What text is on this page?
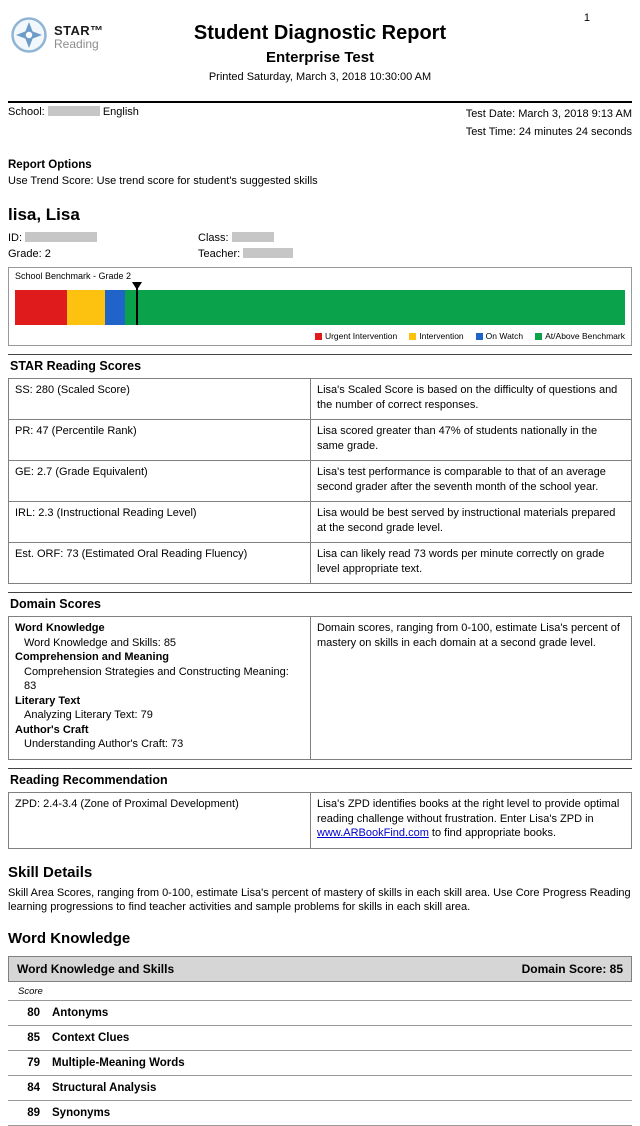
STAR™
Reading
1
Student Diagnostic Report
Enterprise Test
Printed Saturday, March 3, 2018 10:30:00 AM
School:	English	Test Date: March 3, 2018 9:13 AM
Test Time: 24 minutes 24 seconds
Report Options
Use Trend Score: Use trend score for student's suggested skills
lisa, Lisa
ID:	Class:
Grade: 2	Teacher:
School Benchmark - Grade 2
Urgent Intervention	Intervention	On Watch	At/Above Benchmark
STAR Reading Scores
SS: 280 (Scaled Score)	Lisa's Scaled Score is based on the difficulty of questions and the number of correct responses.
PR: 47 (Percentile Rank)	Lisa scored greater than 47% of students nationally in the same grade.
GE: 2.7 (Grade Equivalent)	Lisa's test performance is comparable to that of an average second grader after the seventh month of the school year.
IRL: 2.3 (Instructional Reading Level)	Lisa would be best served by instructional materials prepared at the second grade level.
Est. ORF: 73 (Estimated Oral Reading Fluency)	Lisa can likely read 73 words per minute correctly on grade level appropriate text.
Domain Scores
Word Knowledge
Word Knowledge and Skills: 85
Comprehension and Meaning
Comprehension Strategies and Constructing Meaning: 83
Literary Text
Analyzing Literary Text: 79
Author's Craft
Understanding Author's Craft: 73
	Domain scores, ranging from 0-100, estimate Lisa's percent of mastery on skills in each domain at a second grade level.
Reading Recommendation
ZPD: 2.4-3.4 (Zone of Proximal Development)	Lisa's ZPD identifies books at the right level to provide optimal reading challenge without frustration. Enter Lisa's ZPD in www.ARBookFind.com to find appropriate books.
Skill Details

Skill Area Scores, ranging from 0-100, estimate Lisa's percent of mastery of skills in each skill area. Use Core Progress Reading learning progressions to find teacher activities and sample problems for skills in each skill area.

Word Knowledge
Word Knowledge and Skills	Domain Score: 85
Score
80 Antonyms
85 Context Clues
79 Multiple-Meaning Words
84 Structural Analysis
89 Synonyms
